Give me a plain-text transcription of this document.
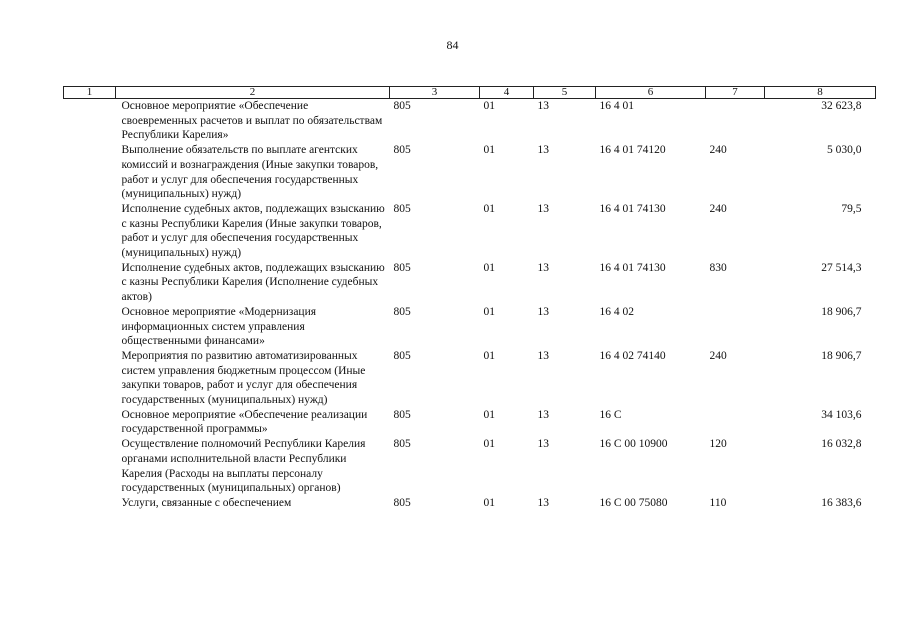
84
1	2	3	4	5	6	7	8
	Основное мероприятие «Обеспечение своевременных расчетов и выплат по обязательствам Республики Карелия»	805	01	13	16 4 01		32 623,8
	Выполнение обязательств по выплате агентских комиссий и вознаграждения (Иные закупки товаров, работ и услуг для обеспечения государственных (муниципальных) нужд)	805	01	13	16 4 01 74120	240	5 030,0
	Исполнение судебных актов, подлежащих взысканию с казны Республики Карелия (Иные закупки товаров, работ и услуг для обеспечения государственных (муниципальных) нужд)	805	01	13	16 4 01 74130	240	79,5
	Исполнение судебных актов, подлежащих взысканию с казны Республики Карелия (Исполнение судебных актов)	805	01	13	16 4 01 74130	830	27 514,3
	Основное мероприятие «Модернизация информационных систем управления общественными финансами»	805	01	13	16 4 02		18 906,7
	Мероприятия по развитию автоматизированных систем управления бюджетным процессом (Иные закупки товаров, работ и услуг для обеспечения государственных (муниципальных) нужд)	805	01	13	16 4 02 74140	240	18 906,7
	Основное мероприятие «Обеспечение реализации государственной программы»	805	01	13	16 С		34 103,6
	Осуществление полномочий Республики Карелия органами исполнительной власти Республики Карелия (Расходы на выплаты персоналу государственных (муниципальных) органов)	805	01	13	16 С 00 10900	120	16 032,8
	Услуги, связанные с обеспечением	805	01	13	16 С 00 75080	110	16 383,6
